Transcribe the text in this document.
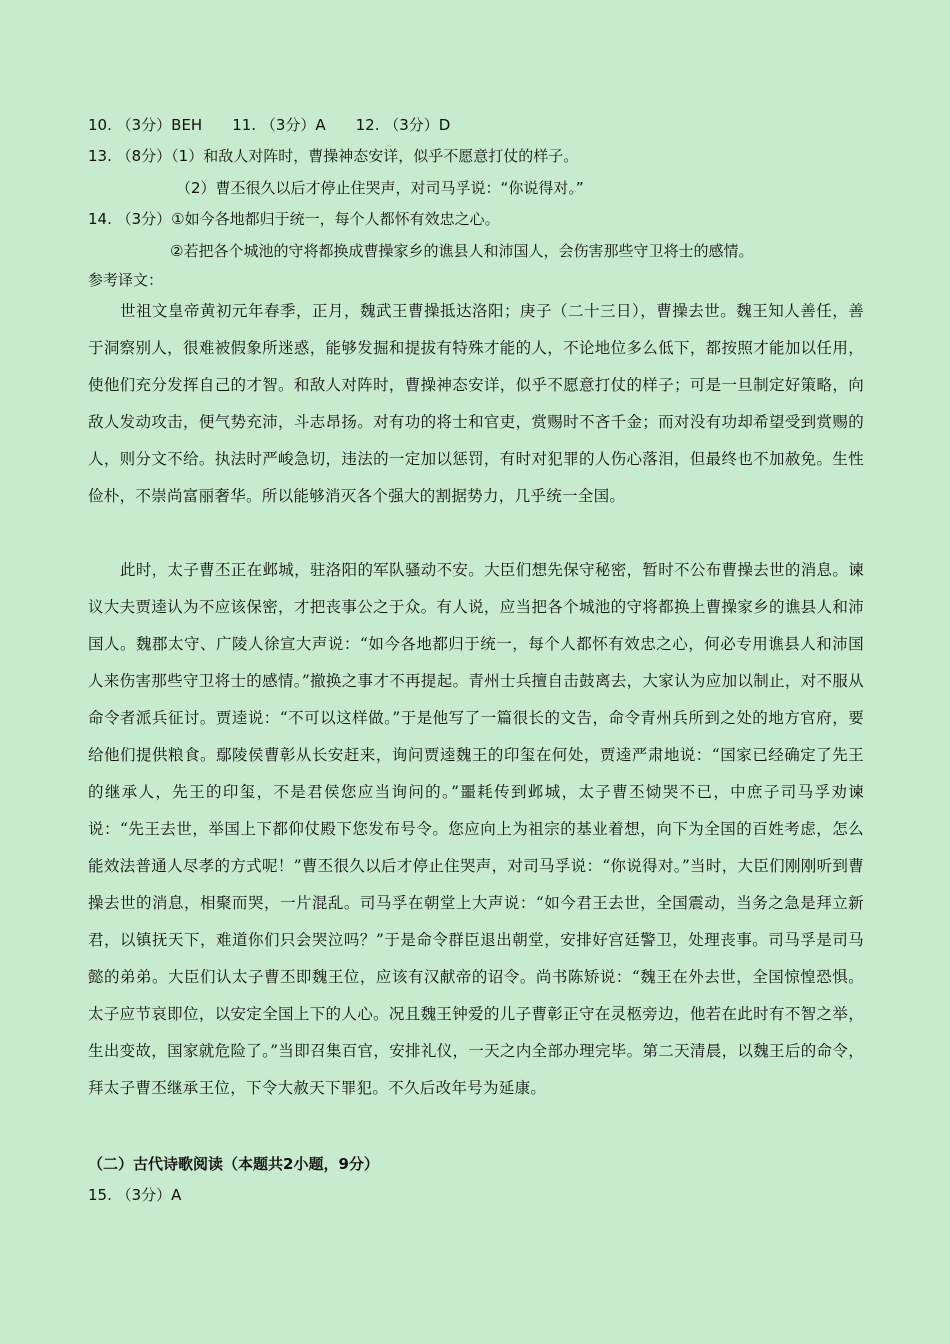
10. （3分）BEH　　11. （3分）A　　12. （3分）D
13. （8分）（1）和敌人对阵时，曹操神态安详，似乎不愿意打仗的样子。
（2）曹丕很久以后才停止住哭声，对司马孚说：“你说得对。”
14. （3分）①如今各地都归于统一，每个人都怀有效忠之心。
②若把各个城池的守将都换成曹操家乡的谯县人和沛国人，会伤害那些守卫将士的感情。
参考译文：
世祖文皇帝黄初元年春季，正月，魏武王曹操抵达洛阳；庚子（二十三日），曹操去世。魏王知人善任，善于洞察别人，很难被假象所迷惑，能够发掘和提拔有特殊才能的人，不论地位多么低下，都按照才能加以任用，使他们充分发挥自己的才智。和敌人对阵时，曹操神态安详，似乎不愿意打仗的样子；可是一旦制定好策略，向敌人发动攻击，便气势充沛，斗志昂扬。对有功的将士和官吏，赏赐时不吝千金；而对没有功却希望受到赏赐的人，则分文不给。执法时严峻急切，违法的一定加以惩罚，有时对犯罪的人伤心落泪，但最终也不加赦免。生性俭朴，不崇尚富丽奢华。所以能够消灭各个强大的割据势力，几乎统一全国。
此时，太子曹丕正在邺城，驻洛阳的军队骚动不安。大臣们想先保守秘密，暂时不公布曹操去世的消息。谏议大夫贾逵认为不应该保密，才把丧事公之于众。有人说，应当把各个城池的守将都换上曹操家乡的谯县人和沛国人。魏郡太守、广陵人徐宣大声说：“如今各地都归于统一，每个人都怀有效忠之心，何必专用谯县人和沛国人来伤害那些守卫将士的感情。”撤换之事才不再提起。青州士兵擅自击鼓离去，大家认为应加以制止，对不服从命令者派兵征讨。贾逵说：“不可以这样做。”于是他写了一篇很长的文告，命令青州兵所到之处的地方官府，要给他们提供粮食。鄢陵侯曹彰从长安赶来，询问贾逵魏王的印玺在何处，贾逵严肃地说：“国家已经确定了先王的继承人，先王的印玺，不是君侯您应当询问的。”噩耗传到邺城，太子曹丕恸哭不已，中庶子司马孚劝谏说：“先王去世，举国上下都仰仗殿下您发布号令。您应向上为祖宗的基业着想，向下为全国的百姓考虑，怎么能效法普通人尽孝的方式呢！”曹丕很久以后才停止住哭声，对司马孚说：“你说得对。”当时，大臣们刚刚听到曹操去世的消息，相聚而哭，一片混乱。司马孚在朝堂上大声说：“如今君王去世，全国震动，当务之急是拜立新君，以镇抚天下，难道你们只会哭泣吗？”于是命令群臣退出朝堂，安排好宫廷警卫，处理丧事。司马孚是司马懿的弟弟。大臣们认太子曹丕即魏王位，应该有汉献帝的诏令。尚书陈矫说：“魏王在外去世，全国惊惶恐惧。太子应节哀即位，以安定全国上下的人心。况且魏王钟爱的儿子曹彰正守在灵柩旁边，他若在此时有不智之举，生出变故，国家就危险了。”当即召集百官，安排礼仪，一天之内全部办理完毕。第二天清晨，以魏王后的命令，拜太子曹丕继承王位，下令大赦天下罪犯。不久后改年号为延康。
（二）古代诗歌阅读（本题共2小题，9分）
15. （3分）A
